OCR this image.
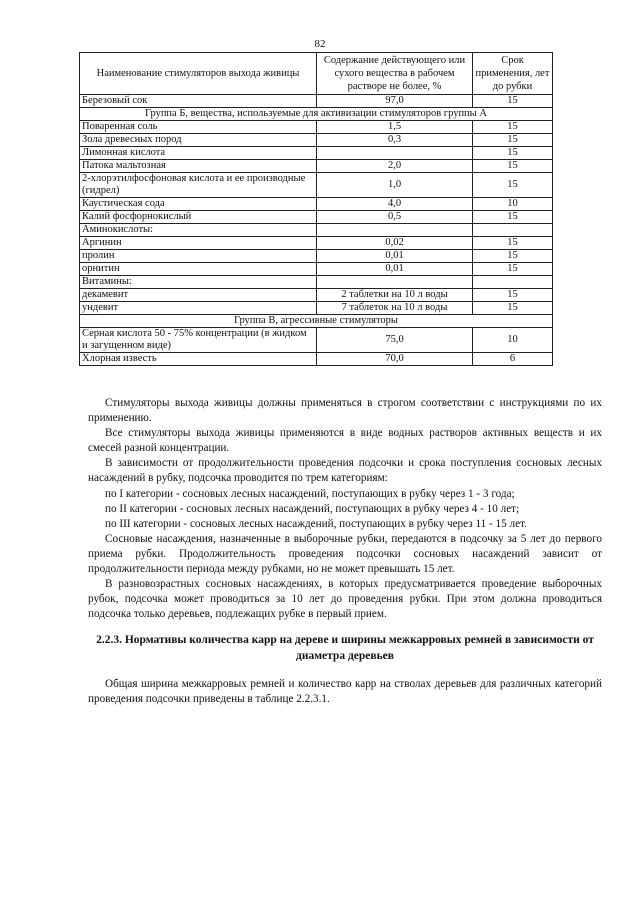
82
Наименование стимуляторов выхода живицы	Содержание действующего или сухого вещества в рабочем растворе не более, %	Срок применения, лет до рубки
Березовый сок	97,0	15
Группа Б, вещества, используемые для активизации стимуляторов группы А		
Поваренная соль	1,5	15
Зола древесных пород	0,3	15
Лимонная кислота		15
Патока мальтозная	2,0	15
2-хлорэтилфосфоновая кислота и ее производные (гидрел)	1,0	15
Каустическая сода	4,0	10
Калий фосфорнокислый	0,5	15
Аминокислоты:		
Аргинин	0,02	15
пролин	0,01	15
орнитин	0,01	15
Витамины:		
декамевит	2 таблетки на 10 л воды	15
ундевит	7 таблеток на 10 л воды	15
Группа В, агрессивные стимуляторы		
Серная кислота 50 - 75% концентрации (в жидком и загущенном виде)	75,0	10
Хлорная известь	70,0	6

Стимуляторы выхода живицы должны применяться в строгом соответствии с инструкциями по их применению.

Все стимуляторы выхода живицы применяются в виде водных растворов активных веществ и их смесей разной концентрации.

В зависимости от продолжительности проведения подсочки и срока поступления сосновых лесных насаждений в рубку, подсочка проводится по трем категориям:

по I категории - сосновых лесных насаждений, поступающих в рубку через 1 - 3 года;

по II категории - сосновых лесных насаждений, поступающих в рубку через 4 - 10 лет;

по III категории - сосновых лесных насаждений, поступающих в рубку через 11 - 15 лет.

Сосновые насаждения, назначенные в выборочные рубки, передаются в подсочку за 5 лет до первого приема рубки. Продолжительность проведения подсочки сосновых насаждений зависит от продолжительности периода между рубками, но не может превышать 15 лет.

В разновозрастных сосновых насаждениях, в которых предусматривается проведение выборочных рубок, подсочка может проводиться за 10 лет до проведения рубки. При этом должна проводиться подсочка только деревьев, подлежащих рубке в первый прием.

2.2.3. Нормативы количества карр на дереве и ширины межкарровых ремней в зависимости от диаметра деревьев

Общая ширина межкарровых ремней и количество карр на стволах деревьев для различных категорий проведения подсочки приведены в таблице 2.2.3.1.
